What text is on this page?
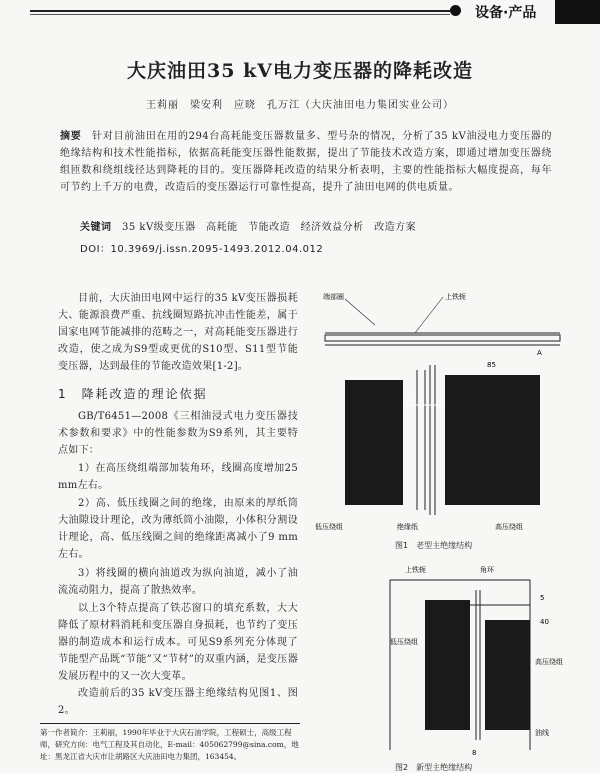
设备·产品
大庆油田35 kV电力变压器的降耗改造
王莉丽　梁安利　应晓　孔万江（大庆油田电力集团实业公司）
摘要　 针对目前油田在用的294台高耗能变压器数量多、型号杂的情况，分析了35 kV油浸电力变压器的绝缘结构和技术性能指标，依据高耗能变压器性能数据，提出了节能技术改造方案，即通过增加变压器绕组匝数和绕组线径达到降耗的目的。变压器降耗改造的结果分析表明，主要的性能指标大幅度提高，每年可节约上千万的电费，改造后的变压器运行可靠性提高，提升了油田电网的供电质量。
关键词　 35 kV级变压器　高耗能　节能改造　经济效益分析　改造方案
DOI：10.3969/j.issn.2095-1493.2012.04.012
目前，大庆油田电网中运行的35 kV变压器损耗大、能源浪费严重、抗线圈短路抗冲击性能差，属于国家电网节能减排的范畴之一，对高耗能变压器进行改造，使之成为S9型或更优的S10型、S11型节能变压器，达到最佳的节能改造效果[1-2]。
1　降耗改造的理论依据
GB/T6451—2008《三相油浸式电力变压器技术参数和要求》中的性能参数为S9系列，其主要特点如下：
1）在高压绕组端部加装角环，线圈高度增加25 mm左右。
2）高、低压线圈之间的绝缘，由原来的厚纸筒大油隙设计理论，改为薄纸筒小油隙，小体积分割设计理论，高、低压线圈之间的绝缘距离减小了9 mm左右。
3）将线圈的横向油道改为纵向油道，减小了油流流动阻力，提高了散热效率。
以上3个特点提高了铁芯窗口的填充系数，大大降低了原材料消耗和变压器自身损耗，也节约了变压器的制造成本和运行成本。可见S9系列充分体现了节能型产品既“节能”又“节材”的双重内涵，是变压器发展历程中的又一次大变革。
改造前后的35 kV变压器主绝缘结构见图1、图2。
第一作者简介：王莉丽，1990年毕业于大庆石油学院，工程硕士，高级工程师，研究方向：电气工程及其自动化，E-mail：405062799@sina.com，地址：黑龙江省大庆市让胡路区大庆油田电力集团，163454。
端部圈	上铁轭
A
85
27
低压绕组	绝缘纸	高压绕组
图1　老型主绝缘结构
上铁轭	角环
5
40
低压绕组
高压绕组
油线
8
图2　新型主绝缘结构
